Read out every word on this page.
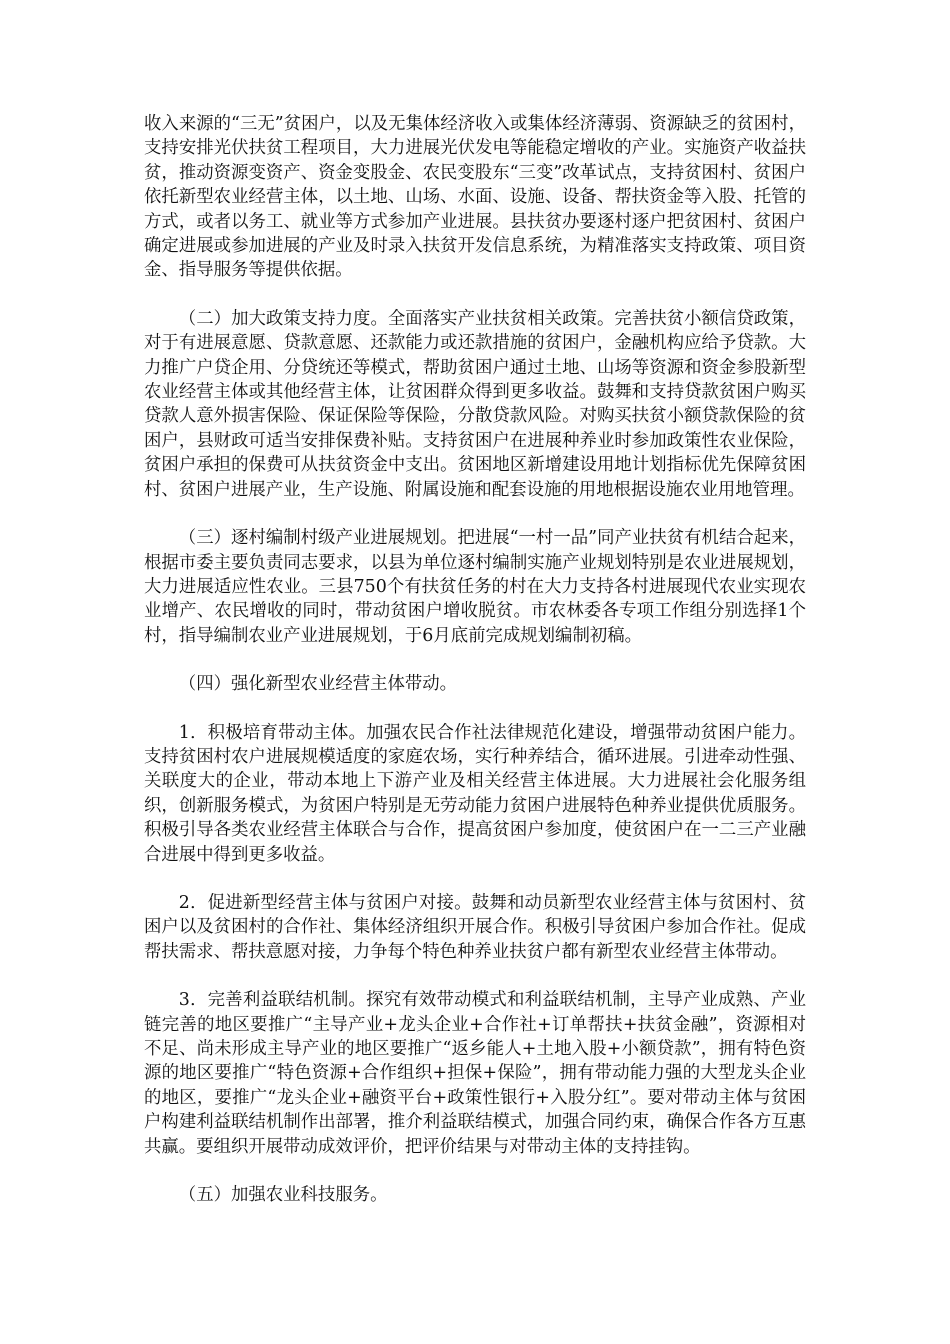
收入来源的“三无”贫困户，以及无集体经济收入或集体经济薄弱、资源缺乏的贫困村，支持安排光伏扶贫工程项目，大力进展光伏发电等能稳定增收的产业。实施资产收益扶贫，推动资源变资产、资金变股金、农民变股东“三变”改革试点，支持贫困村、贫困户依托新型农业经营主体，以土地、山场、水面、设施、设备、帮扶资金等入股、托管的方式，或者以务工、就业等方式参加产业进展。县扶贫办要逐村逐户把贫困村、贫困户确定进展或参加进展的产业及时录入扶贫开发信息系统，为精准落实支持政策、项目资金、指导服务等提供依据。

（二）加大政策支持力度。全面落实产业扶贫相关政策。完善扶贫小额信贷政策，对于有进展意愿、贷款意愿、还款能力或还款措施的贫困户，金融机构应给予贷款。大力推广户贷企用、分贷统还等模式，帮助贫困户通过土地、山场等资源和资金参股新型农业经营主体或其他经营主体，让贫困群众得到更多收益。鼓舞和支持贷款贫困户购买贷款人意外损害保险、保证保险等保险，分散贷款风险。对购买扶贫小额贷款保险的贫困户，县财政可适当安排保费补贴。支持贫困户在进展种养业时参加政策性农业保险，贫困户承担的保费可从扶贫资金中支出。贫困地区新增建设用地计划指标优先保障贫困村、贫困户进展产业，生产设施、附属设施和配套设施的用地根据设施农业用地管理。

（三）逐村编制村级产业进展规划。把进展“一村一品”同产业扶贫有机结合起来，根据市委主要负责同志要求，以县为单位逐村编制实施产业规划特别是农业进展规划，大力进展适应性农业。三县750个有扶贫任务的村在大力支持各村进展现代农业实现农业增产、农民增收的同时，带动贫困户增收脱贫。市农林委各专项工作组分别选择1个村，指导编制农业产业进展规划，于6月底前完成规划编制初稿。

（四）强化新型农业经营主体带动。

1．积极培育带动主体。加强农民合作社法律规范化建设，增强带动贫困户能力。支持贫困村农户进展规模适度的家庭农场，实行种养结合，循环进展。引进牵动性强、关联度大的企业，带动本地上下游产业及相关经营主体进展。大力进展社会化服务组织，创新服务模式，为贫困户特别是无劳动能力贫困户进展特色种养业提供优质服务。积极引导各类农业经营主体联合与合作，提高贫困户参加度，使贫困户在一二三产业融合进展中得到更多收益。

2．促进新型经营主体与贫困户对接。鼓舞和动员新型农业经营主体与贫困村、贫困户以及贫困村的合作社、集体经济组织开展合作。积极引导贫困户参加合作社。促成帮扶需求、帮扶意愿对接，力争每个特色种养业扶贫户都有新型农业经营主体带动。

3．完善利益联结机制。探究有效带动模式和利益联结机制，主导产业成熟、产业链完善的地区要推广“主导产业+龙头企业+合作社+订单帮扶+扶贫金融”，资源相对不足、尚未形成主导产业的地区要推广“返乡能人+土地入股+小额贷款”，拥有特色资源的地区要推广“特色资源+合作组织+担保+保险”，拥有带动能力强的大型龙头企业的地区，要推广“龙头企业+融资平台+政策性银行+入股分红”。要对带动主体与贫困户构建利益联结机制作出部署，推介利益联结模式，加强合同约束，确保合作各方互惠共赢。要组织开展带动成效评价，把评价结果与对带动主体的支持挂钩。

（五）加强农业科技服务。
